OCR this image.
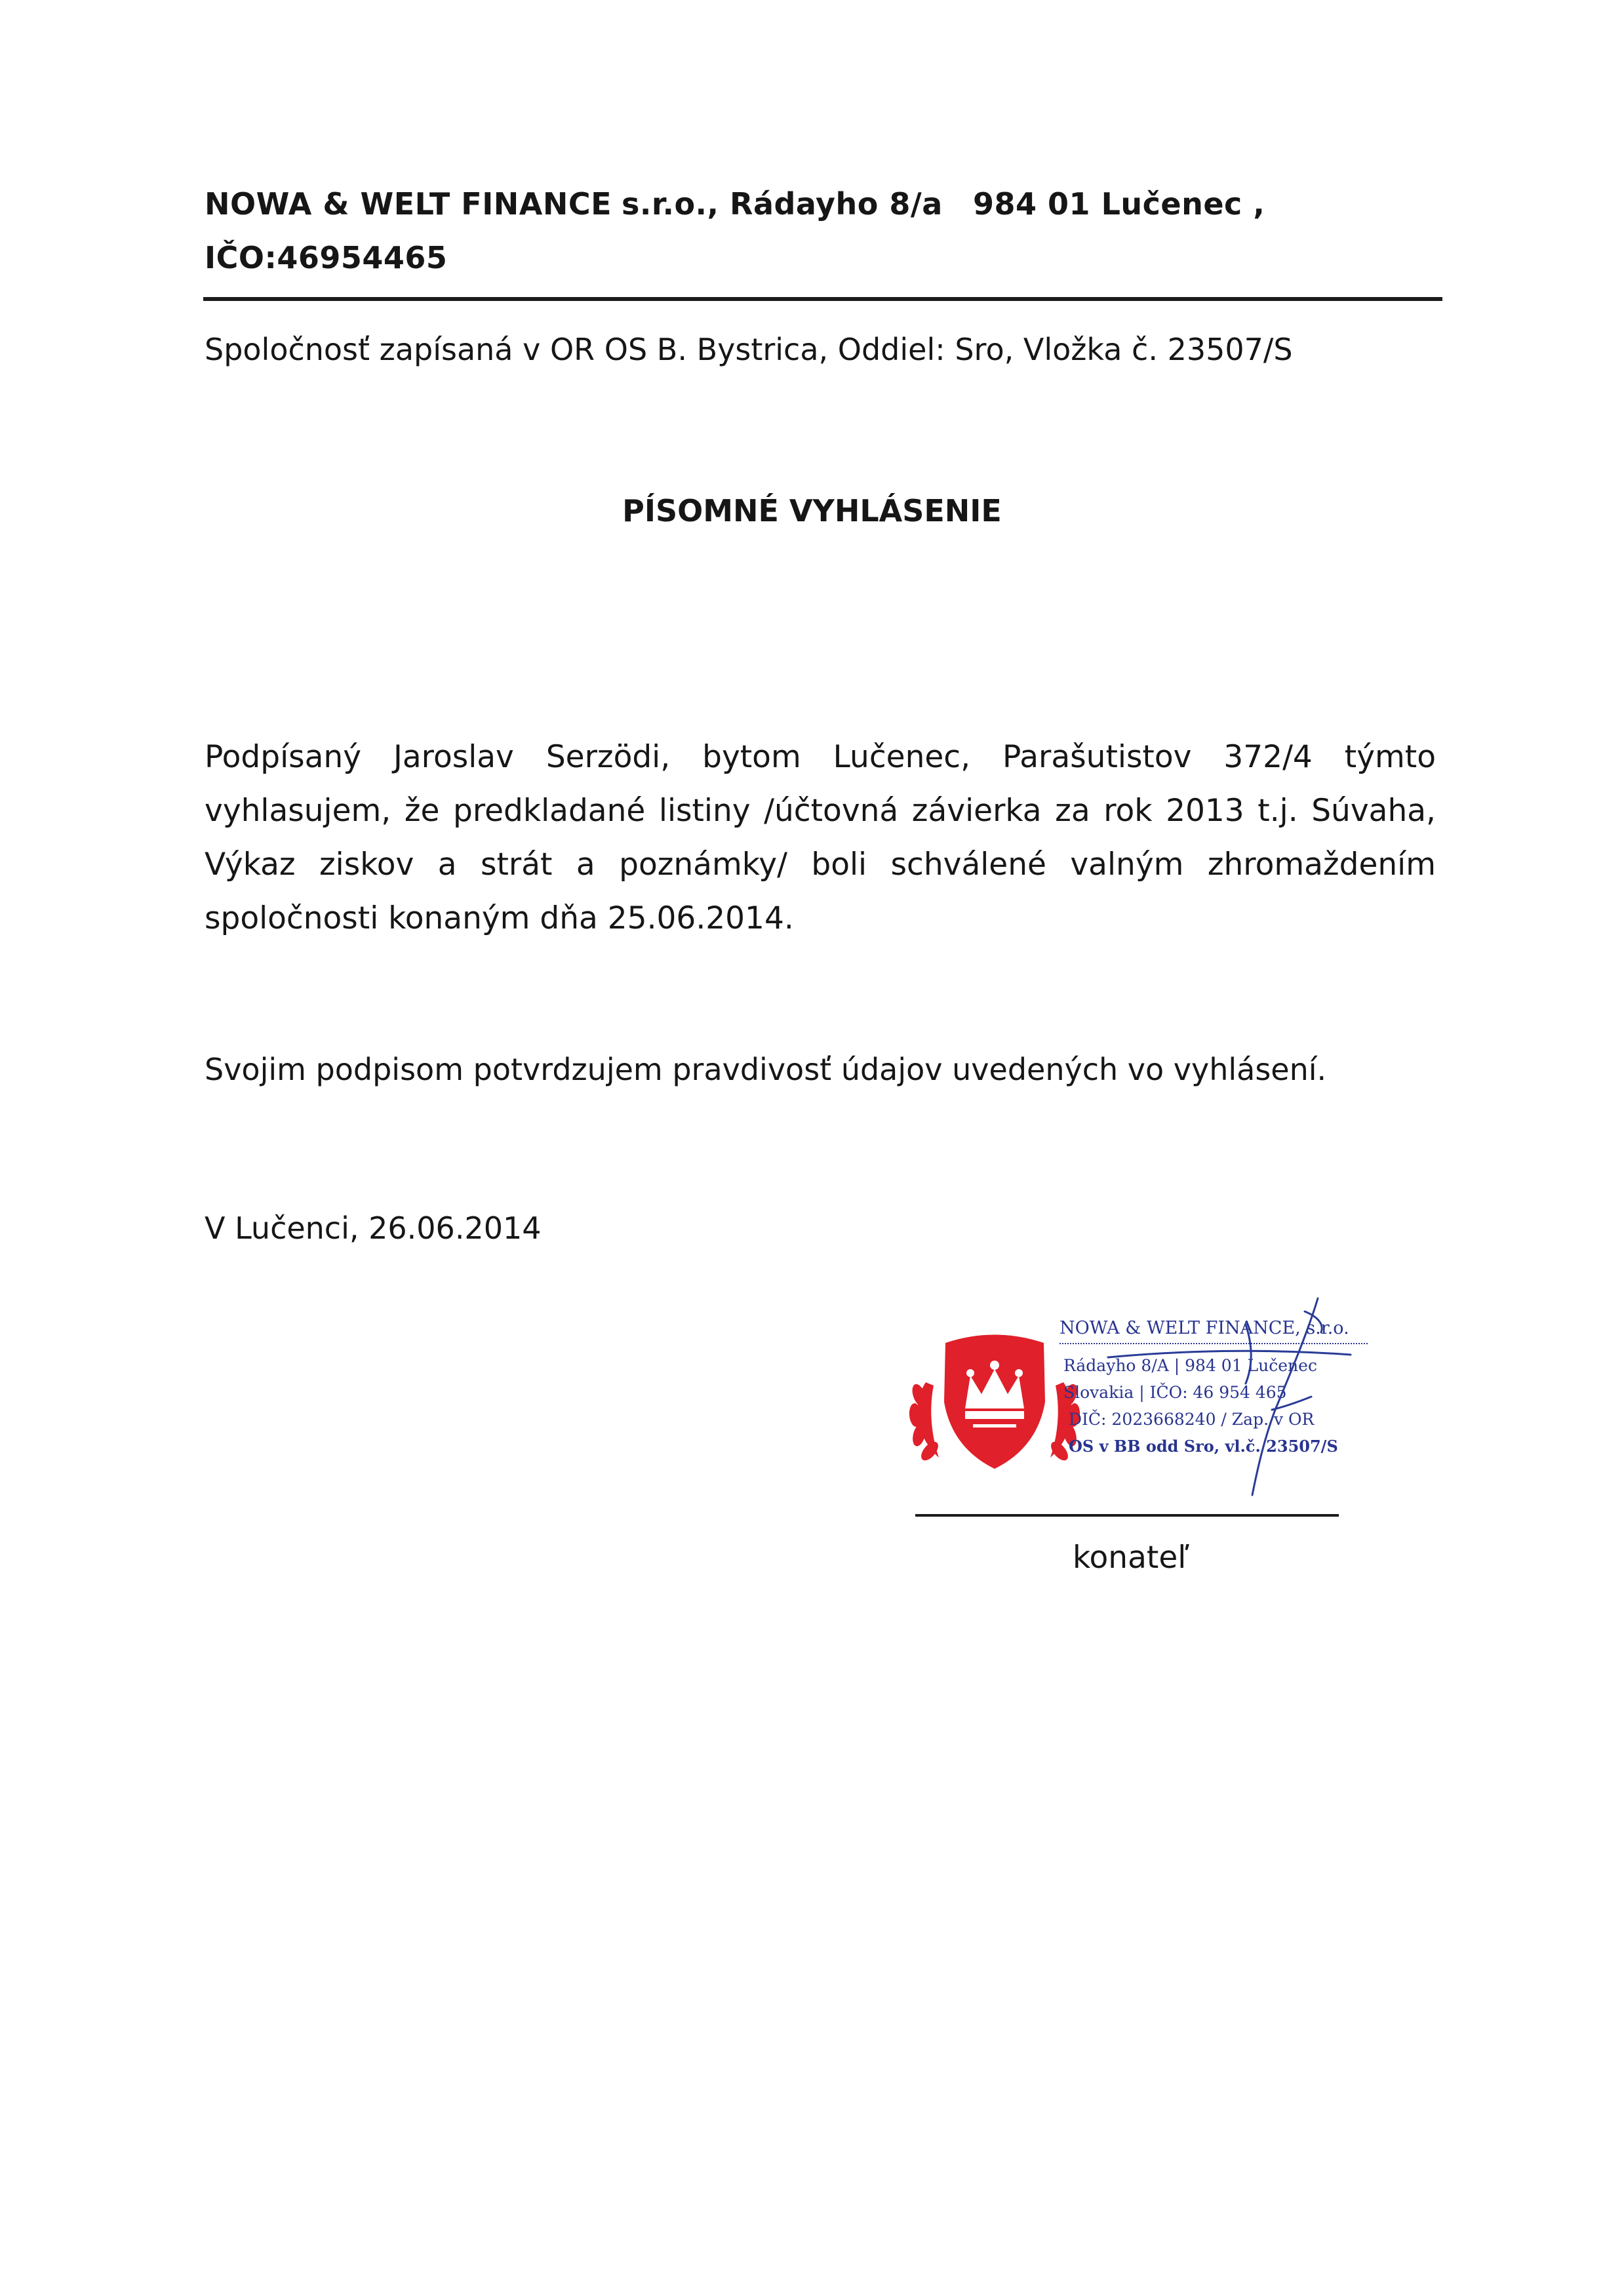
NOWA & WELT FINANCE s.r.o., Rádayho 8/a 984 01 Lučenec ,
IČO:46954465
Spoločnosť zapísaná v OR OS B. Bystrica, Oddiel: Sro, Vložka č. 23507/S
PÍSOMNÉ VYHLÁSENIE
Podpísaný Jaroslav Serzödi, bytom Lučenec, Parašutistov 372/4 týmto vyhlasujem, že predkladané listiny /účtovná závierka za rok 2013 t.j. Súvaha, Výkaz ziskov a strát a poznámky/ boli schválené valným zhromaždením spoločnosti konaným dňa 25.06.2014.
Svojim podpisom potvrdzujem pravdivosť údajov uvedených vo vyhlásení.
V Lučenci, 26.06.2014
NOWA & WELT FINANCE, s.r.o.
Rádayho 8/A | 984 01 Lučenec
Slovakia | IČO: 46 954 465
DIČ: 2023668240 / Zap. v OR
OS v BB odd Sro, vl.č. 23507/S
konateľ
